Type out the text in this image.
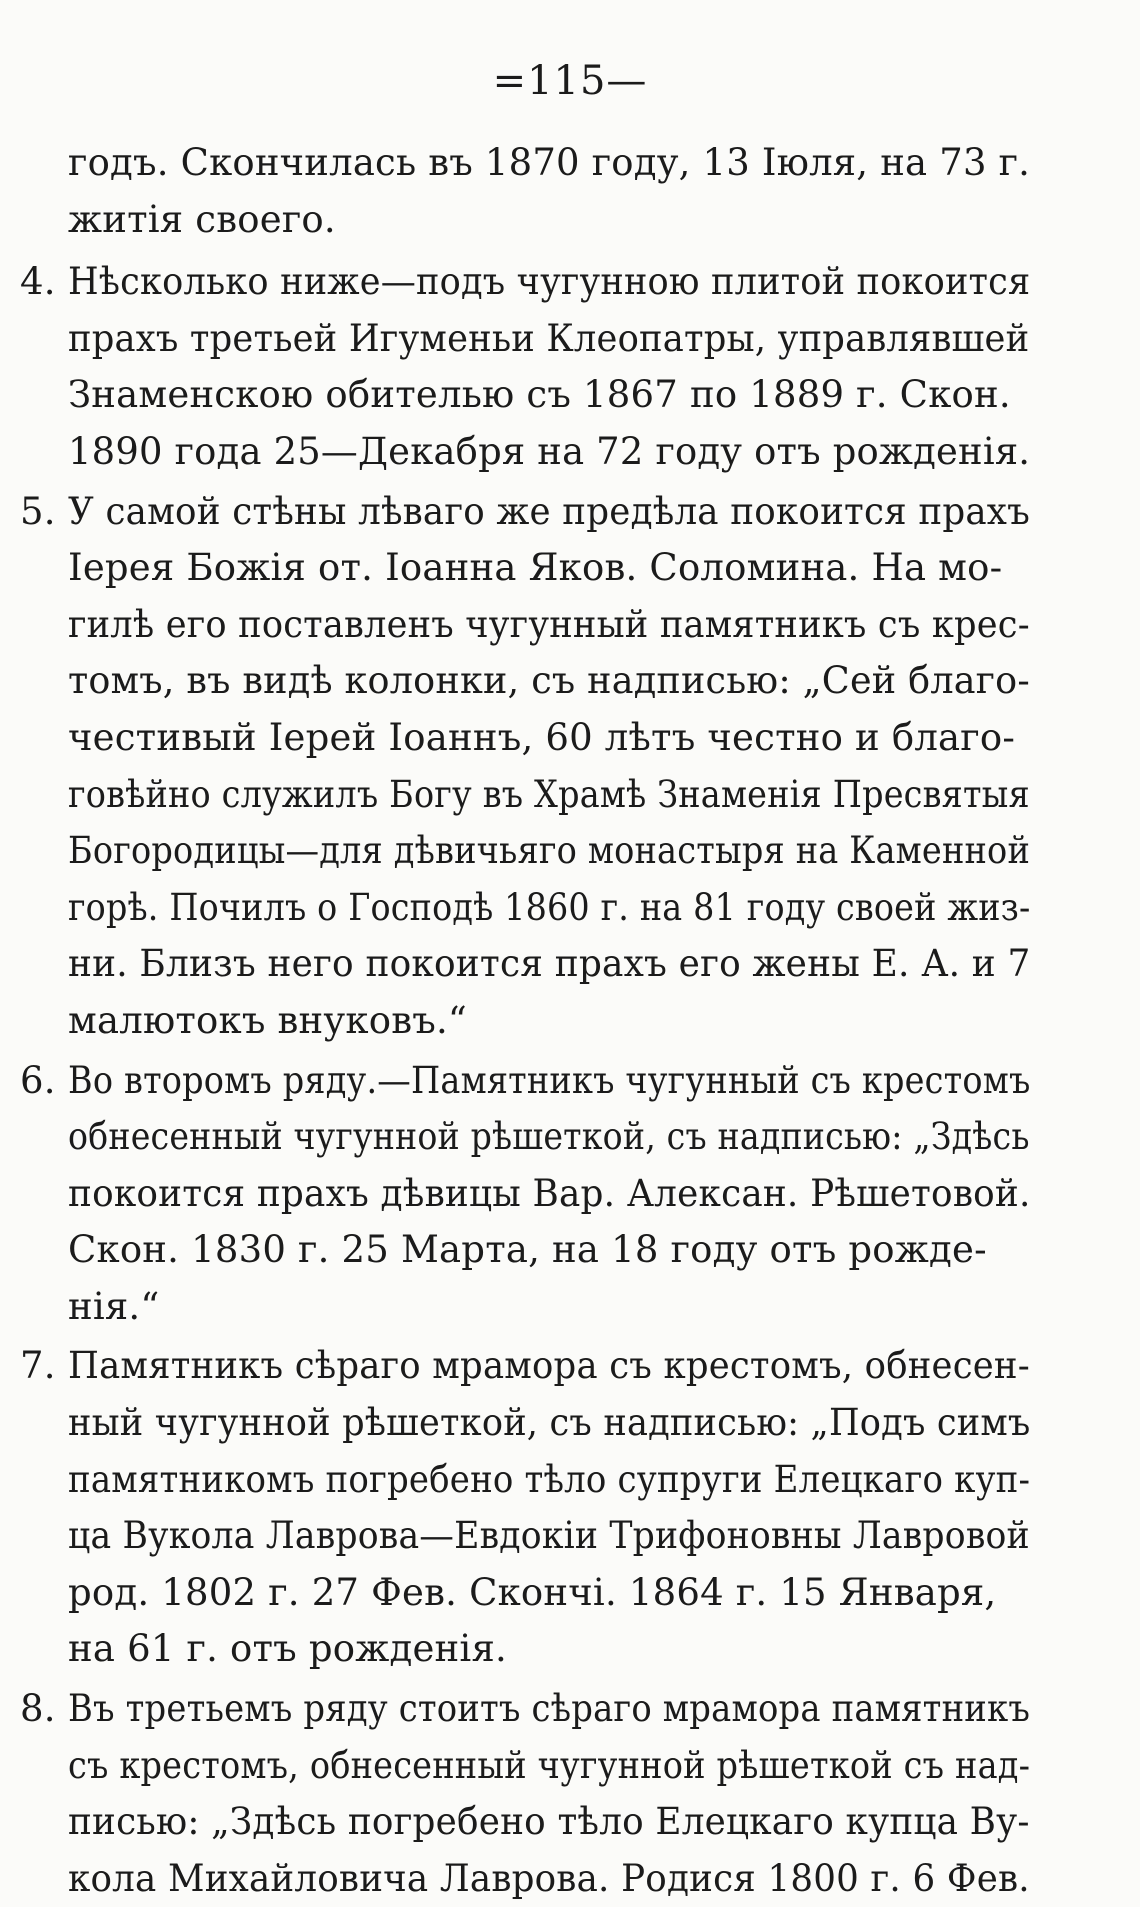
=115—
годъ. Скончилась въ 1870 году, 13 Іюля, на 73 г.
житія своего.
4. Нѣсколько ниже—подъ чугунною плитой покоится
прахъ третьей Игуменьи Клеопатры, управлявшей
Знаменскою обителью съ 1867 по 1889 г. Скон.
1890 года 25—Декабря на 72 году отъ рожденія.
5. У самой стѣны лѣваго же предѣла покоится прахъ
Іерея Божія от. Іоанна Яков. Соломина. На мо-
гилѣ его поставленъ чугунный памятникъ съ крес-
томъ, въ видѣ колонки, съ надписью: „Сей благо-
честивый Іерей Іоаннъ, 60 лѣтъ честно и благо-
говѣйно служилъ Богу въ Храмѣ Знаменія Пресвятыя
Богородицы—для дѣвичьяго монастыря на Каменной
горѣ. Почилъ о Господѣ 1860 г. на 81 году своей жиз-
ни. Близъ него покоится прахъ его жены Е. А. и 7
малютокъ внуковъ.“
6. Во второмъ ряду.—Памятникъ чугунный съ крестомъ
обнесенный чугунной рѣшеткой, съ надписью: „Здѣсь
покоится прахъ дѣвицы Вар. Алексан. Рѣшетовой.
Скон. 1830 г. 25 Марта, на 18 году отъ рожде-
нія.“
7. Памятникъ сѣраго мрамора съ крестомъ, обнесен-
ный чугунной рѣшеткой, съ надписью: „Подъ симъ
памятникомъ погребено тѣло супруги Елецкаго куп-
ца Вукола Лаврова—Евдокіи Трифоновны Лавровой
род. 1802 г. 27 Фев. Скончі. 1864 г. 15 Января,
на 61 г. отъ рожденія.
8. Въ третьемъ ряду стоитъ сѣраго мрамора памятникъ
съ крестомъ, обнесенный чугунной рѣшеткой съ над-
писью: „Здѣсь погребено тѣло Елецкаго купца Ву-
кола Михайловича Лаврова. Родися 1800 г. 6 Фев.
